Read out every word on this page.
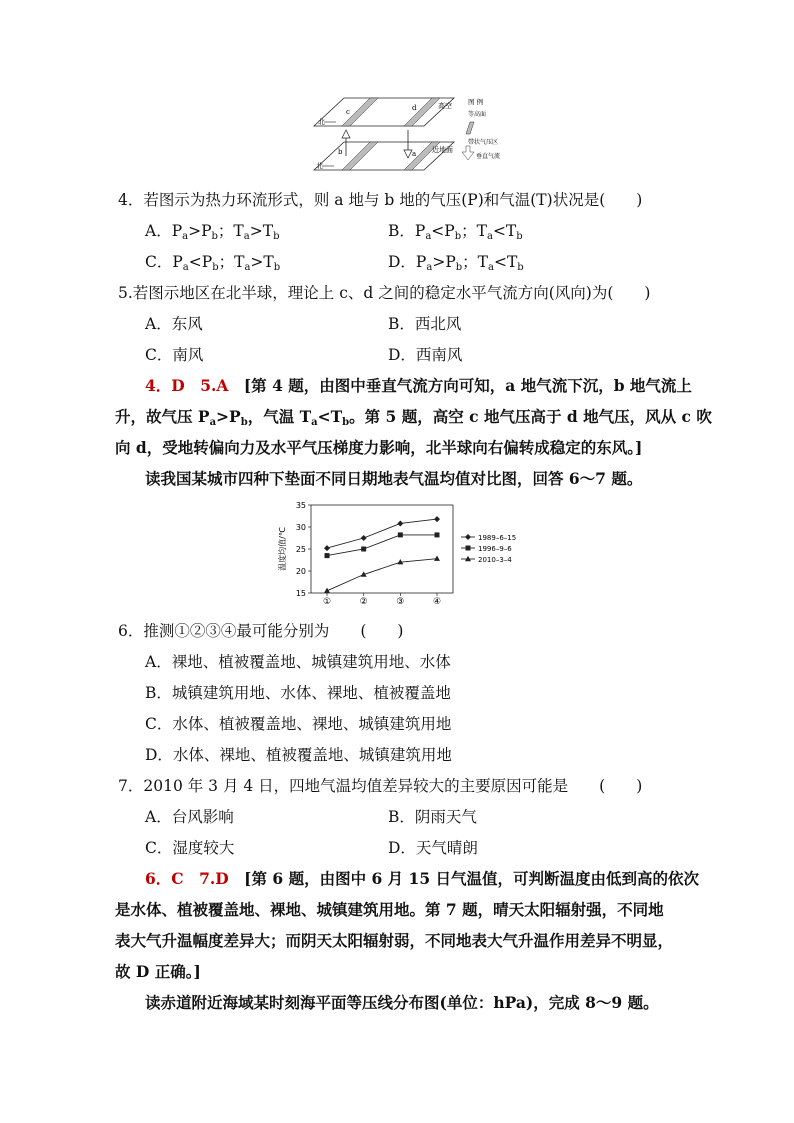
北
北
c	d
b	a
高空
近地面
图 例
等高面
带状气压区
垂直气流
4．若图示为热力环流形式，则 a 地与 b 地的气压(P)和气温(T)状况是(　　)
A．$P_a>P_b$；$T_a>T_b$	B．$P_a<P_b$；$T_a<T_b$
C．$P_a<P_b$；$T_a>T_b$	D．$P_a>P_b$；$T_a<T_b$
5.若图示地区在北半球，理论上 c、d 之间的稳定水平气流方向(风向)为(　　)
A．东风	B．西北风
C．南风	D．西南风
4．D　5.A [第 4 题，由图中垂直气流方向可知，a 地气流下沉，b 地气流上
升，故气压 $P_a>P_b$，气温 $T_a<T_b$。第 5 题，高空 c 地气压高于 d 地气压，风从 c 吹
向 d，受地转偏向力及水平气压梯度力影响，北半球向右偏转成稳定的东风。]
读我国某城市四种下垫面不同日期地表气温均值对比图，回答 6～7 题。
15
20
25
30
35
①	②	③	④
温度均值/℃	1989–6–15
1996–9–6
2010–3–4
6．推测①②③④最可能分别为　　(　　)
A．裸地、植被覆盖地、城镇建筑用地、水体
B．城镇建筑用地、水体、裸地、植被覆盖地
C．水体、植被覆盖地、裸地、城镇建筑用地
D．水体、裸地、植被覆盖地、城镇建筑用地
7．2010 年 3 月 4 日，四地气温均值差异较大的主要原因可能是　　(　　)
A．台风影响	B．阴雨天气
C．湿度较大	D．天气晴朗
6．C　7.D [第 6 题，由图中 6 月 15 日气温值，可判断温度由低到高的依次
是水体、植被覆盖地、裸地、城镇建筑用地。第 7 题，晴天太阳辐射强，不同地
表大气升温幅度差异大；而阴天太阳辐射弱，不同地表大气升温作用差异不明显，
故 D 正确。]
读赤道附近海域某时刻海平面等压线分布图(单位：hPa)，完成 8～9 题。
